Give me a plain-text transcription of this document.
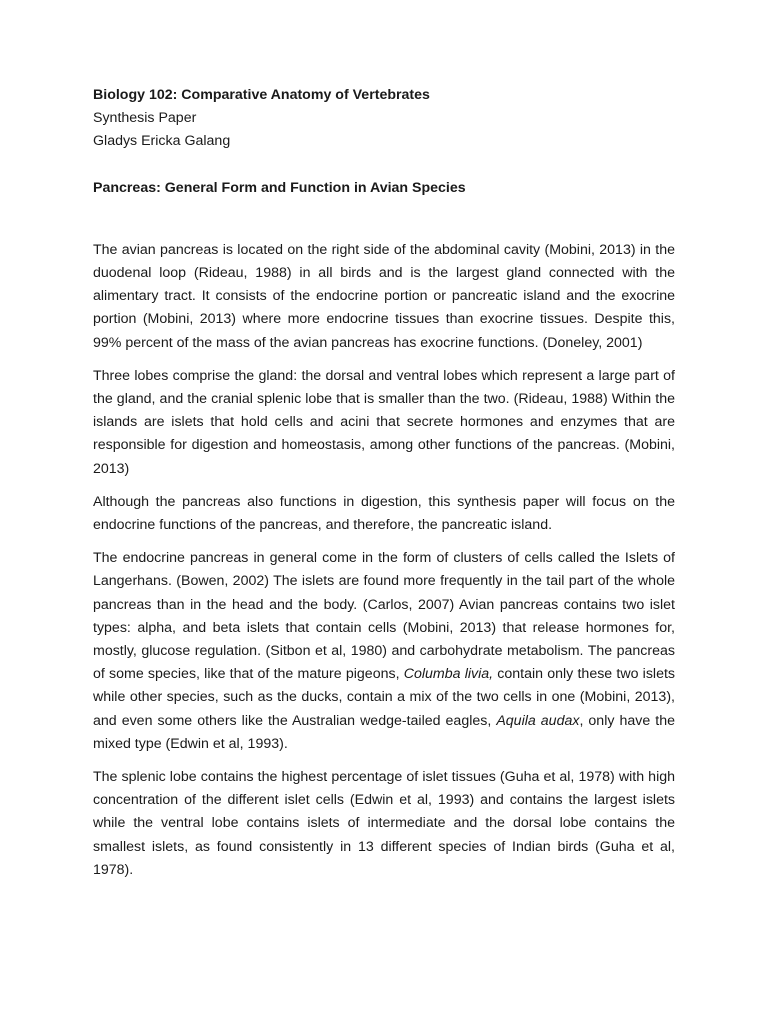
Biology 102: Comparative Anatomy of Vertebrates

Synthesis Paper

Gladys Ericka Galang

Pancreas: General Form and Function in Avian Species

The avian pancreas is located on the right side of the abdominal cavity (Mobini, 2013) in the duodenal loop (Rideau, 1988) in all birds and is the largest gland connected with the alimentary tract. It consists of the endocrine portion or pancreatic island and the exocrine portion (Mobini, 2013) where more endocrine tissues than exocrine tissues. Despite this, 99% percent of the mass of the avian pancreas has exocrine functions. (Doneley, 2001)

Three lobes comprise the gland: the dorsal and ventral lobes which represent a large part of the gland, and the cranial splenic lobe that is smaller than the two. (Rideau, 1988) Within the islands are islets that hold cells and acini that secrete hormones and enzymes that are responsible for digestion and homeostasis, among other functions of the pancreas. (Mobini, 2013)

Although the pancreas also functions in digestion, this synthesis paper will focus on the endocrine functions of the pancreas, and therefore, the pancreatic island.

The endocrine pancreas in general come in the form of clusters of cells called the Islets of Langerhans. (Bowen, 2002) The islets are found more frequently in the tail part of the whole pancreas than in the head and the body. (Carlos, 2007) Avian pancreas contains two islet types: alpha, and beta islets that contain cells (Mobini, 2013) that release hormones for, mostly, glucose regulation. (Sitbon et al, 1980) and carbohydrate metabolism. The pancreas of some species, like that of the mature pigeons, Columba livia, contain only these two islets while other species, such as the ducks, contain a mix of the two cells in one (Mobini, 2013), and even some others like the Australian wedge-tailed eagles, Aquila audax, only have the mixed type (Edwin et al, 1993).

The splenic lobe contains the highest percentage of islet tissues (Guha et al, 1978) with high concentration of the different islet cells (Edwin et al, 1993) and contains the largest islets while the ventral lobe contains islets of intermediate and the dorsal lobe contains the smallest islets, as found consistently in 13 different species of Indian birds (Guha et al, 1978).
